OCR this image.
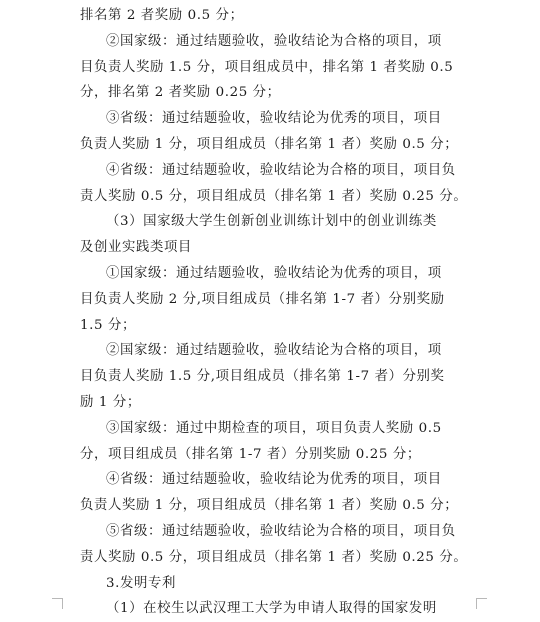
排名第 2 者奖励 0.5 分；
②国家级：通过结题验收，验收结论为合格的项目，项
目负责人奖励 1.5 分，项目组成员中，排名第 1 者奖励 0.5
分，排名第 2 者奖励 0.25 分；
③省级：通过结题验收，验收结论为优秀的项目，项目
负责人奖励 1 分，项目组成员（排名第 1 者）奖励 0.5 分；
④省级：通过结题验收，验收结论为合格的项目，项目负
责人奖励 0.5 分，项目组成员（排名第 1 者）奖励 0.25 分。
（3）国家级大学生创新创业训练计划中的创业训练类
及创业实践类项目
①国家级：通过结题验收，验收结论为优秀的项目，项
目负责人奖励 2 分,项目组成员（排名第 1-7 者）分别奖励
1.5 分；
②国家级：通过结题验收，验收结论为合格的项目，项
目负责人奖励 1.5 分,项目组成员（排名第 1-7 者）分别奖
励 1 分；
③国家级：通过中期检查的项目，项目负责人奖励 0.5
分，项目组成员（排名第 1-7 者）分别奖励 0.25 分；
④省级：通过结题验收，验收结论为优秀的项目，项目
负责人奖励 1 分，项目组成员（排名第 1 者）奖励 0.5 分；
⑤省级：通过结题验收，验收结论为合格的项目，项目负
责人奖励 0.5 分，项目组成员（排名第 1 者）奖励 0.25 分。
3.发明专利
（1）在校生以武汉理工大学为申请人取得的国家发明
